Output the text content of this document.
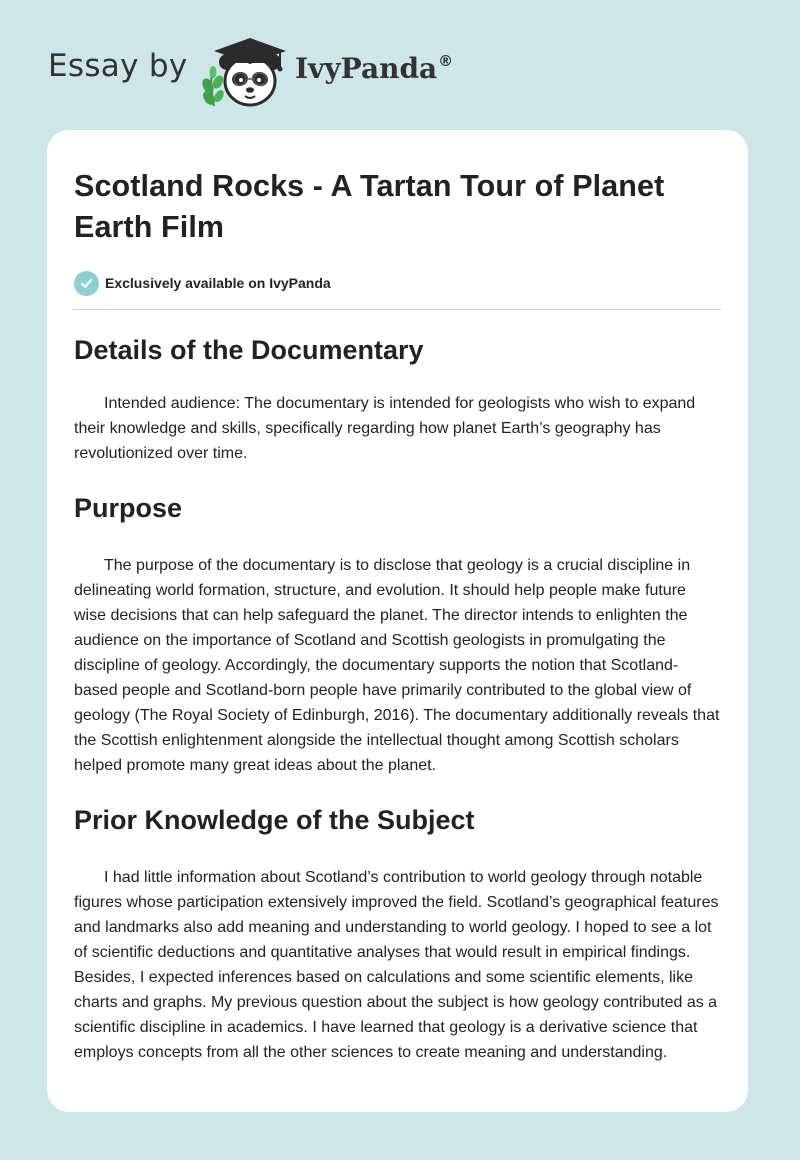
Essay by	IvyPanda®
Scotland Rocks - A Tartan Tour of Planet Earth Film
Exclusively available on IvyPanda
Details of the Documentary

Intended audience: The documentary is intended for geologists who wish to expand their knowledge and skills, specifically regarding how planet Earth’s geography has revolutionized over time.

Purpose

The purpose of the documentary is to disclose that geology is a crucial discipline in delineating world formation, structure, and evolution. It should help people make future wise decisions that can help safeguard the planet. The director intends to enlighten the audience on the importance of Scotland and Scottish geologists in promulgating the discipline of geology. Accordingly, the documentary supports the notion that Scotland-based people and Scotland-born people have primarily contributed to the global view of geology (The Royal Society of Edinburgh, 2016). The documentary additionally reveals that the Scottish enlightenment alongside the intellectual thought among Scottish scholars helped promote many great ideas about the planet.

Prior Knowledge of the Subject

I had little information about Scotland’s contribution to world geology through notable figures whose participation extensively improved the field. Scotland’s geographical features and landmarks also add meaning and understanding to world geology. I hoped to see a lot of scientific deductions and quantitative analyses that would result in empirical findings. Besides, I expected inferences based on calculations and some scientific elements, like charts and graphs. My previous question about the subject is how geology contributed as a scientific discipline in academics. I have learned that geology is a derivative science that employs concepts from all the other sciences to create meaning and understanding.
